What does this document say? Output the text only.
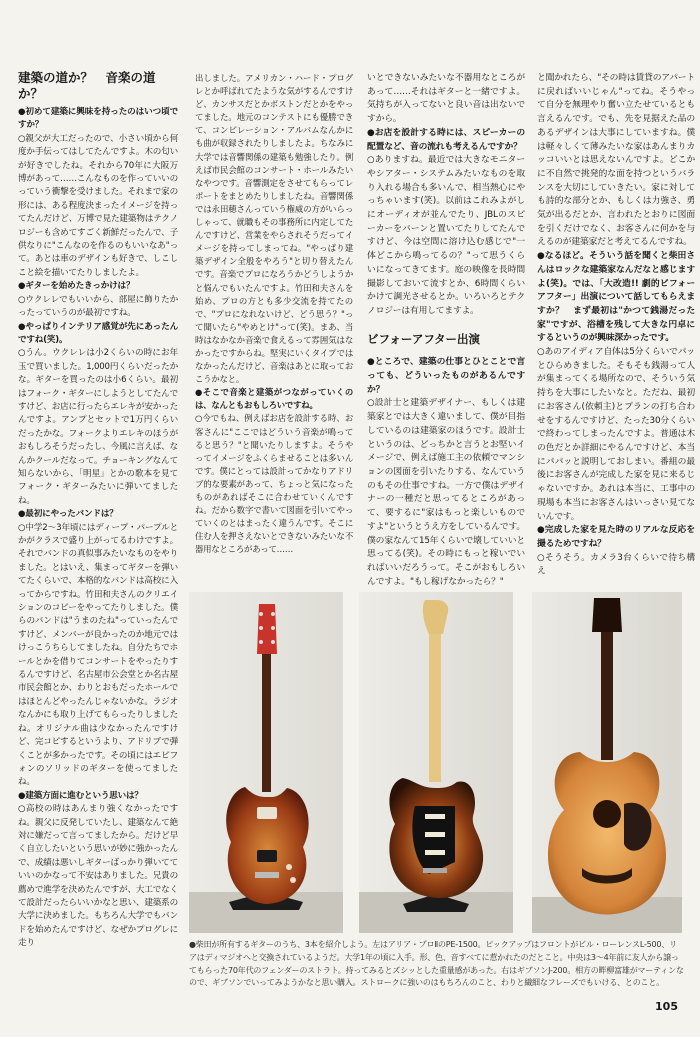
建築の道か？　音楽の道か？

●初めて建築に興味を持ったのはいつ頃ですか？

○親父が大工だったので、小さい頃から何度か手伝ってはしてたんですよ。木の匂いが好きでしたね。それから70年に大阪万博があって……こんなものを作っていいのっていう衝撃を受けました。それまで家の形には、ある程度決まったイメージを持ってたんだけど、万博で見た建築物はテクノロジーも含めてすごく新鮮だったんで、子供なりに"こんなのを作るのもいいなあ"って。あとは車のデザインも好きで、しこしこと絵を描いてたりしましたよ。

●ギターを始めたきっかけは？

○ウクレレでもいいから、部屋に飾りたかったっていうのが最初ですね。

●やっぱりインテリア感覚が先にあったんですね(笑)。

○うん。ウクレレは小2くらいの時にお年玉で買いました。1,000円くらいだったかな。ギターを買ったのは小6くらい。最初はフォーク・ギターにしようとしてたんですけど、お店に行ったらエレキが安かったんですよ。アンプとセットで1万円くらいだったかな。フォークよりエレキのほうがおもしろそうだったし、今風に言えば、なんかクールだなって。チョーキングなんて知らないから、「明星」とかの歌本を見てフォーク・ギターみたいに弾いてましたね。

●最初にやったバンドは？

○中学2～3年頃にはディープ・パープルとかがクラスで盛り上がってるわけですよ。それでバンドの真似事みたいなものをやりました。とはいえ、集まってギターを弾いてたくらいで、本格的なバンドは高校に入ってからですね。竹田和夫さんのクリエイションのコピーをやってたりしました。僕らのバンドは"うまのたね"っていったんですけど、メンバーが良かったのか地元ではけっこうちらしてましたね。自分たちでホールとかを借りてコンサートをやったりするんですけど、名古屋市公会堂とか名古屋市民会館とか、わりとおもだったホールではほとんどやったんじゃないかな。ラジオなんかにも取り上げてもらったりしましたね。オリジナル曲は少なかったんですけど、完コピするというより、アドリブで弾くことが多かったです。その頃にはエピフォンのソリッドのギターを使ってましたね。

●建築方面に進むという思いは？

○高校の時はあんまり強くなかったですね。親父に反発していたし、建築なんて絶対に嫌だって言ってましたから。だけど早く自立したいという思いが妙に強かったんで、成績は悪いしギターばっかり弾いてていいのかなって不安はありました。兄貴の薦めで進学を決めたんですが、大工でなくて設計だったらいいかなと思い、建築系の大学に決めました。もちろん大学でもバンドを始めたんですけど、なぜかプログレに走り

出しました。アメリカン・ハード・プログレとか呼ばれてたような気がするんですけど、カンサスだとかボストンだとかをやってました。地元のコンテストにも優勝できて、コンピレーション・アルバムなんかにも曲が収録されたりしましたよ。ちなみに大学では音響関係の建築も勉強したり。例えば市民会館のコンサート・ホールみたいなやつです。音響測定をさせてもらってレポートをまとめたりしましたね。音響関係では永田穂さんっていう権威の方がいらっしゃって、就職もその事務所に内定してたんですけど、営業をやらされそうだってイメージを持ってしまってね。"やっぱり建築デザイン全般をやろう"と切り替えたんです。音楽でプロになろうかどうしようかと悩んでもいたんですよ。竹田和夫さんを始め、プロの方とも多少交流を持てたので、"プロになれないけど、どう思う？"って聞いたら"やめとけ"って(笑)。まあ、当時はなかなか音楽で食えるって雰囲気はなかったですからね。堅実にいくタイプではなかったんだけど、音楽はあとに取っておこうかなと。

●そこで音楽と建築がつながっていくのは、なんともおもしろいですね。

○今でもね、例えばお店を設計する時、お客さんに"ここではどういう音楽が鳴ってると思う？"と聞いたりしますよ。そうやってイメージをふくらませることは多いんです。僕にとっては設計ってかなりアドリブ的な要素があって、ちょっと気になったものがあればそこに合わせていくんですね。だから数字で書いて図面を引いてやっていくのとはまったく違うんです。そこに住む人を押さえないとできないみたいな不器用なところがあって……

いとできないみたいな不器用なところがあって……それはギターと一緒ですよ。気持ちが入ってないと良い音は出ないですから。

●お店を設計する時には、スピーカーの配置など、音の流れも考えるんですか？

○ありますね。最近では大きなモニターやシアター・システムみたいなものを取り入れる場合も多いんで、相当熱心にやっちゃいます(笑)。以前はこれみよがしにオーディオが並んでたり、JBLのスピーカーをバーンと置いてたりしてたんですけど、今は空間に溶け込む感じで"一体どこから鳴ってるの？"って思うくらいになってきてます。庭の映像を長時間撮影しておいて流すとか、6時間くらいかけて調光させるとか。いろいろとテクノロジーは有用してますよ。

ビフォーアフター出演

●ところで、建築の仕事とひとことで言っても、どういったものがあるんですか？

○設計士と建築デザイナー、もしくは建築家とでは大きく違いまして、僕が目指しているのは建築家のほうです。設計士というのは、どっちかと言うとお堅いイメージで、例えば施工主の依頼でマンションの図面を引いたりする、なんていうのもその仕事ですね。一方で僕はデザイナーの一種だと思ってるところがあって、要するに"家はもっと楽しいものですよ"というとうえ方をしているんです。僕の家なんて15年くらいで壊していいと思ってる(笑)。その時にもっと稼いでいればいいだろうって。そこがおもしろいんですよ。"もし稼げなかったら？"

と聞かれたら、"その時は賃貸のアパートに戻ればいいじゃん"ってね。そうやって自分を無理やり奮い立たせているとも言えるんです。でも、先を見据えた品のあるデザインは大事にしていますね。僕は軽々しくて薄みたいな家はあんまりカッコいいとは思えないんですよ。どこかに不自然で挑発的な面を持つというバランスを大切にしていきたい。家に対しても詩的な部分とか、もしくは力強さ、勇気が出るだとか、言われたとおりに図面を引くだけでなく、お客さんに何かを与えるのが建築家だと考えてるんですね。

●なるほど。そういう話を聞くと柴田さんはロックな建築家なんだなと感じますよ(笑)。では、「大改造!! 劇的ビフォーアフター」出演について話してもらえますか？　まず最初は"かつて銭湯だった家"ですが、浴槽を残して大きな円卓にするというのが興味深かったです。

○あのアイディア自体は5分くらいでパッとひらめきました。そもそも銭湯って人が集まってくる場所なので、そういう気持ちを大事にしたいなと。ただね、最初にお客さん(依頼主)とプランの打ち合わせをするんですけど、たった30分くらいで終わってしまったんですよ。普通は木の色だとか詳細にやるんですけど、本当にパパッと説明しておしまい。番組の最後にお客さんが完成した家を見に来るじゃないですか。あれは本当に、工事中の現場も本当にお客さんはいっさい見てないんです。

●完成した家を見た時のリアルな反応を撮るためですね？

○そうそう。カメラ3台くらいで待ち構え

●柴田が所有するギターのうち、3本を紹介しよう。左はアリア・プロⅡのPE-1500。ピックアップはフロントがビル・ローレンスL-500、リアはディマジオへと交換されているようだ。大学1年の頃に入手。形、色、音すべてに惹かれたのだとこと。中央は3～4年前に友人から譲ってもらった70年代のフェンダーのストラト。持ってみるとズシッとした重量感があった。右はギブソンJ-200。相方の畔柳富雄がマーティンなので、ギブソンでいってみようかなと思い購入。ストロークに強いのはもちろんのこと、わりと繊細なフレーズでもいける、とのこと。
105
